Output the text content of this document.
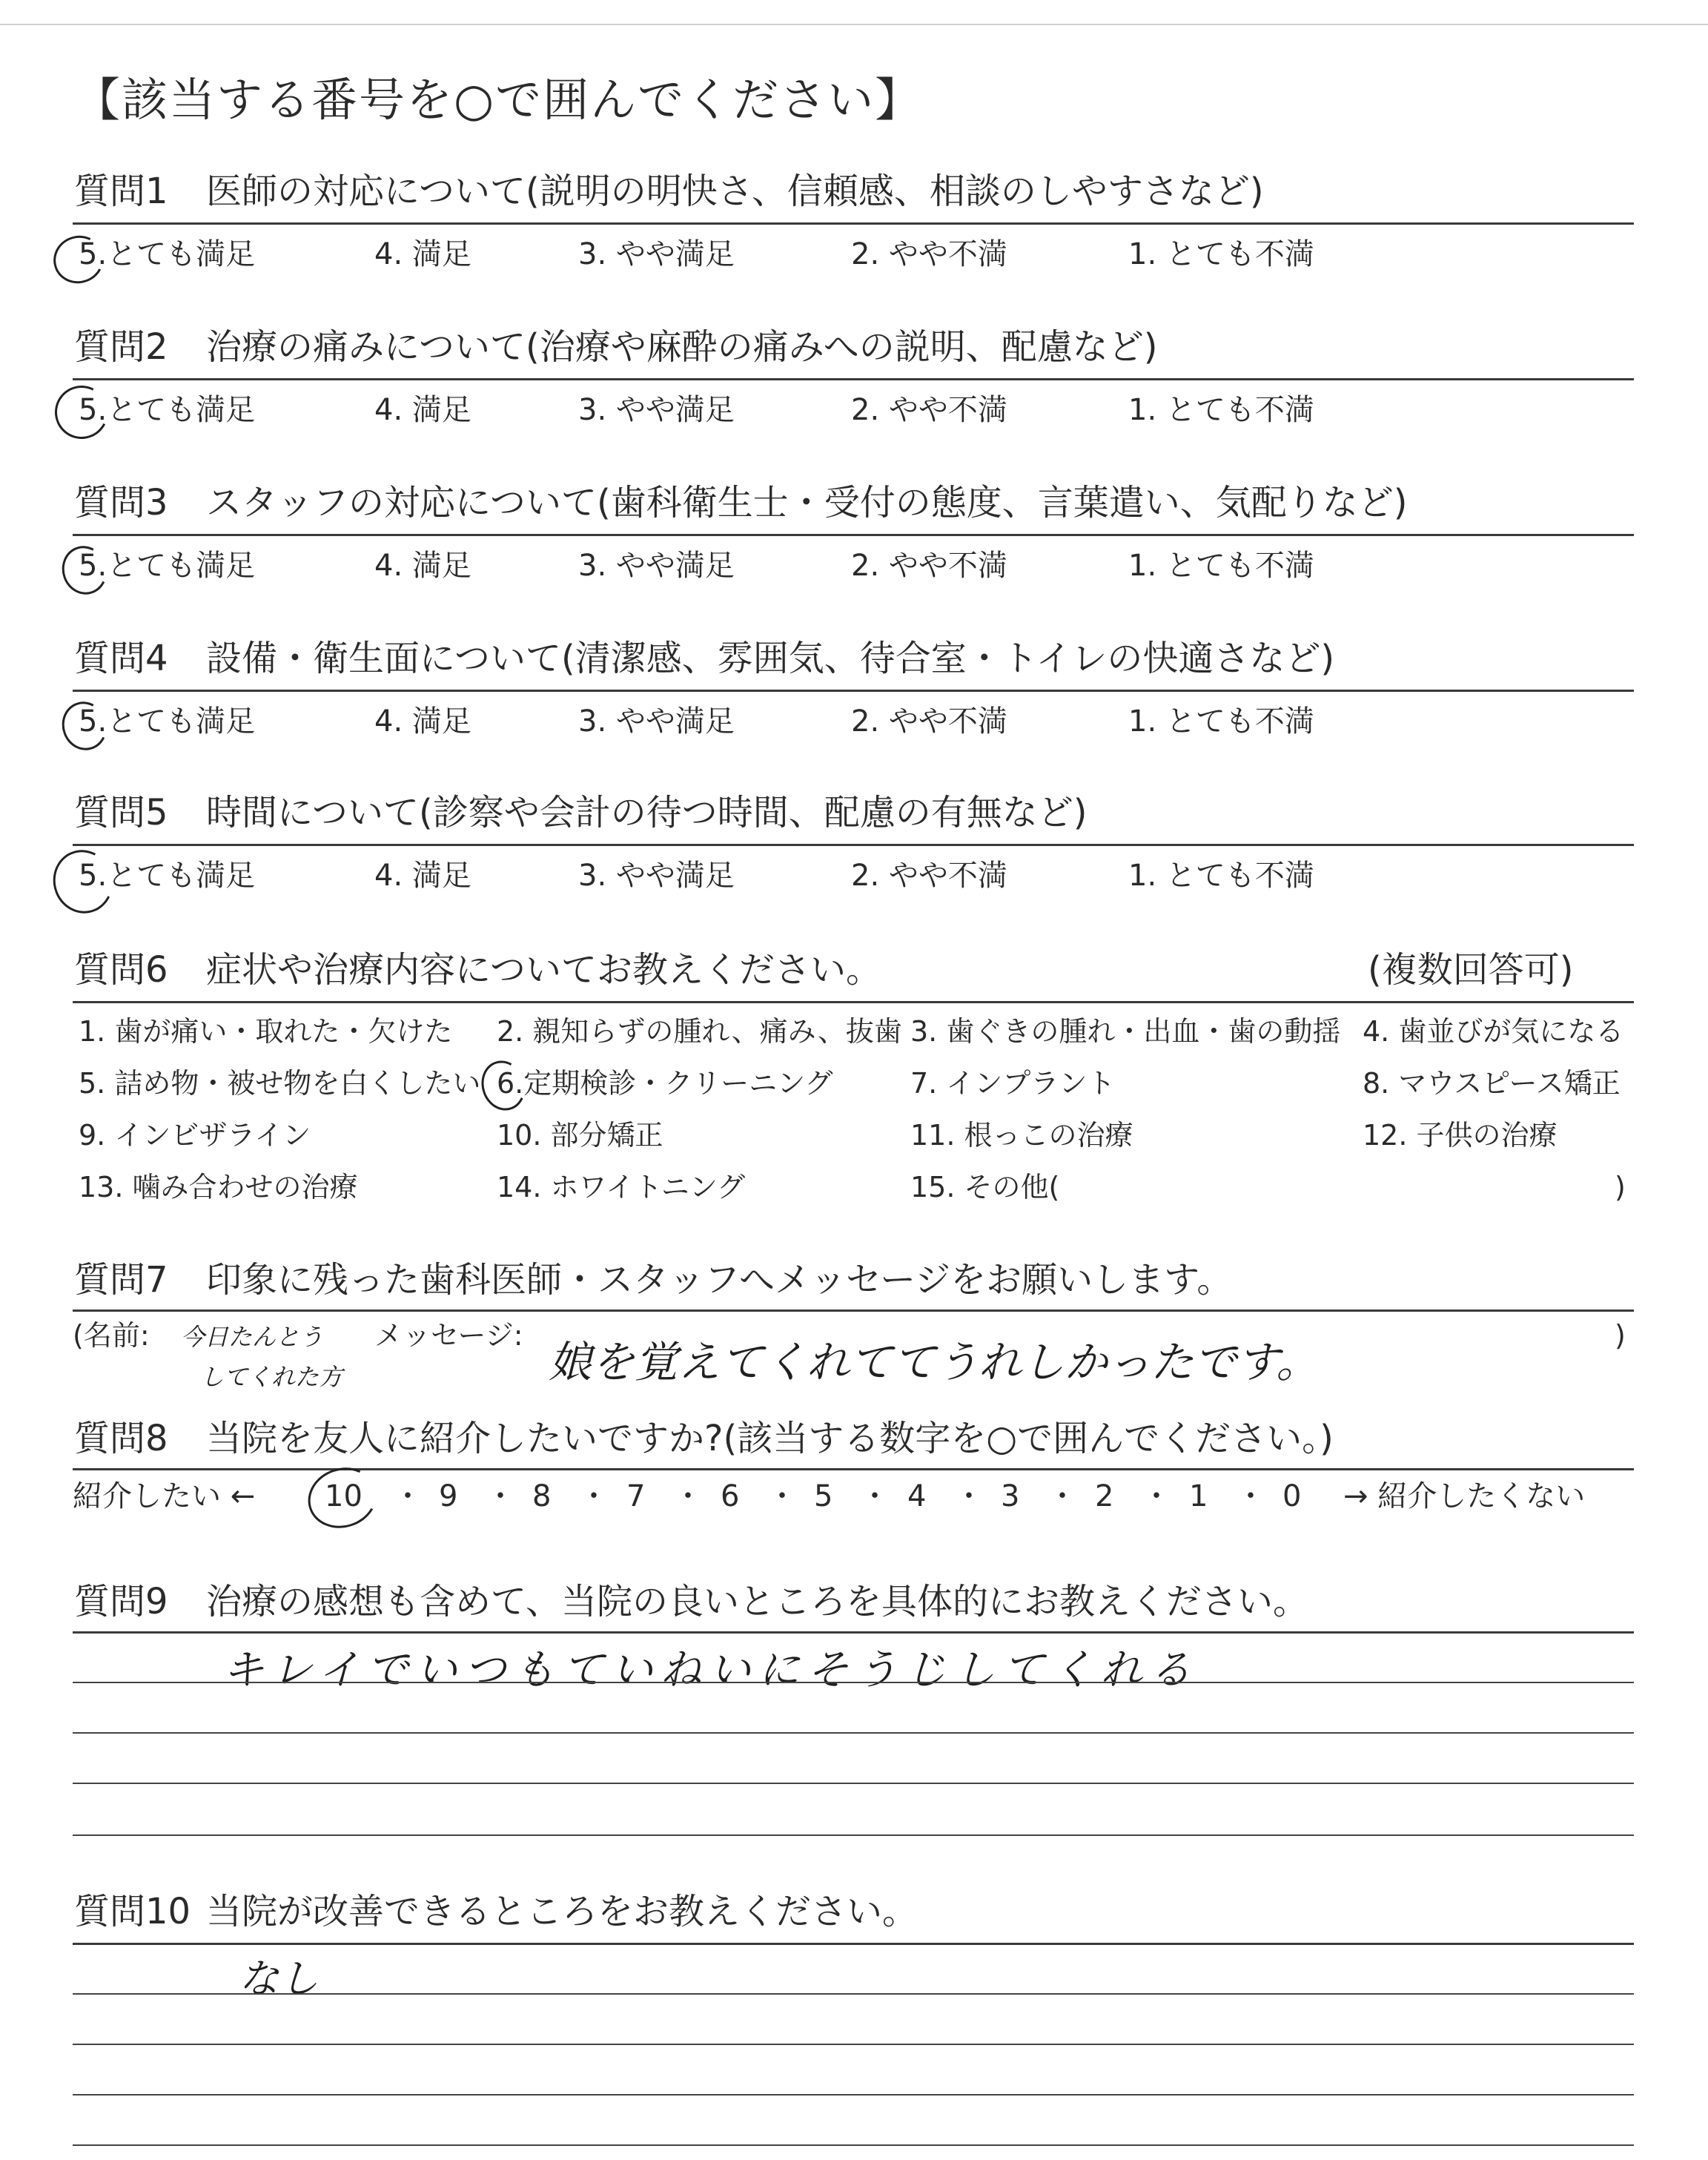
【該当する番号を○で囲んでください】
質問1 医師の対応について(説明の明快さ、信頼感、相談のしやすさなど)
5.とても満足	4. 満足	3. やや満足	2. やや不満	1. とても不満
質問2 治療の痛みについて(治療や麻酔の痛みへの説明、配慮など)
5.とても満足	4. 満足	3. やや満足	2. やや不満	1. とても不満
質問3 スタッフの対応について(歯科衛生士・受付の態度、言葉遣い、気配りなど)
5.とても満足	4. 満足	3. やや満足	2. やや不満	1. とても不満
質問4 設備・衛生面について(清潔感、雰囲気、待合室・トイレの快適さなど)
5.とても満足	4. 満足	3. やや満足	2. やや不満	1. とても不満
質問5 時間について(診察や会計の待つ時間、配慮の有無など)
5.とても満足	4. 満足	3. やや満足	2. やや不満	1. とても不満
質問6 症状や治療内容についてお教えください。	(複数回答可)
1. 歯が痛い・取れた・欠けた 2. 親知らずの腫れ、痛み、抜歯 3. 歯ぐきの腫れ・出血・歯の動揺 4. 歯並びが気になる
5. 詰め物・被せ物を白くしたい 6.定期検診・クリーニング	7. インプラント	8. マウスピース矯正
9. インビザライン	10. 部分矯正	11. 根っこの治療	12. 子供の治療
13. 噛み合わせの治療	14. ホワイトニング	15. その他(	)
質問7 印象に残った歯科医師・スタッフへメッセージをお願いします。
(名前: 今日たんとう
してくれた方
メッセージ:
娘を覚えてくれててうれしかったです。
)
質問8 当院を友人に紹介したいですか?(該当する数字を○で囲んでください。)
紹介したい ←	→ 紹介したくない
10 ・ 9 ・ 8 ・ 7 ・ 6 ・ 5 ・ 4 ・ 3 ・ 2 ・ 1 ・ 0
質問9 治療の感想も含めて、当院の良いところを具体的にお教えください。
キレイでいつもていねいにそうじしてくれる
質問10 当院が改善できるところをお教えください。
なし
